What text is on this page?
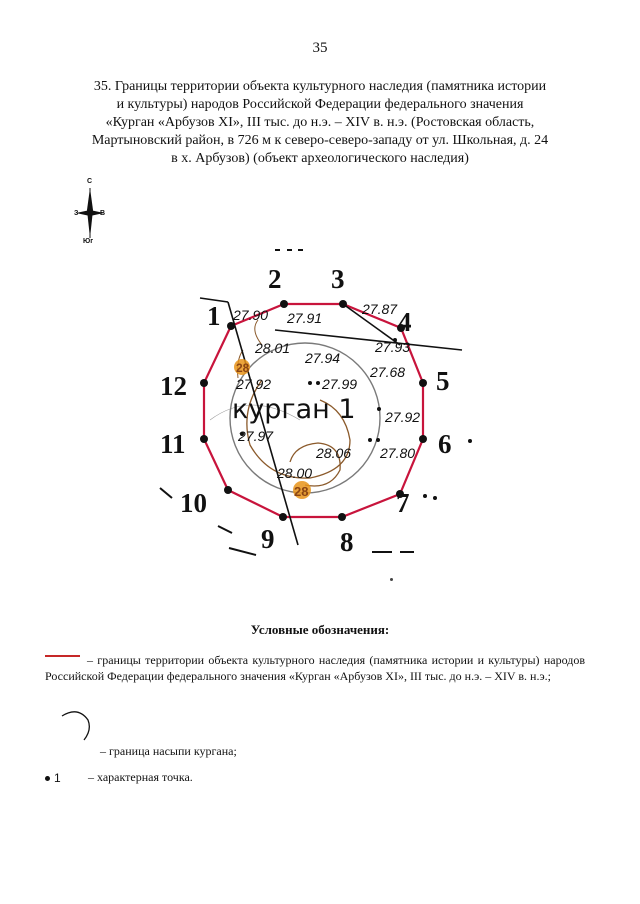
35
35. Границы территории объекта культурного наследия (памятника истории
и культуры) народов Российской Федерации федерального значения
«Курган «Арбузов XI», III тыс. до н.э. – XIV в. н.э. (Ростовская область,
Мартыновский район, в 726 м к северо-северо-западу от ул. Школьная, д. 24
в х. Арбузов) (объект археологического наследия)
С
З	В
Юг
28
28
27.90 27.91
27.87
28.01
27.94
27.93
27.92	27.99
27.68
27.92
27.97
28.06 27.80
28.00
курган 1
1
2 3
4
5
6
7
8
9
10
11
12
Условные обозначения:
– границы территории объекта культурного наследия (памятника истории и культуры) народов Российской Федерации федерального значения «Курган «Арбузов XI», III тыс. до н.э. – XIV в. н.э.;
– граница насыпи кургана;
1	– характерная точка.
